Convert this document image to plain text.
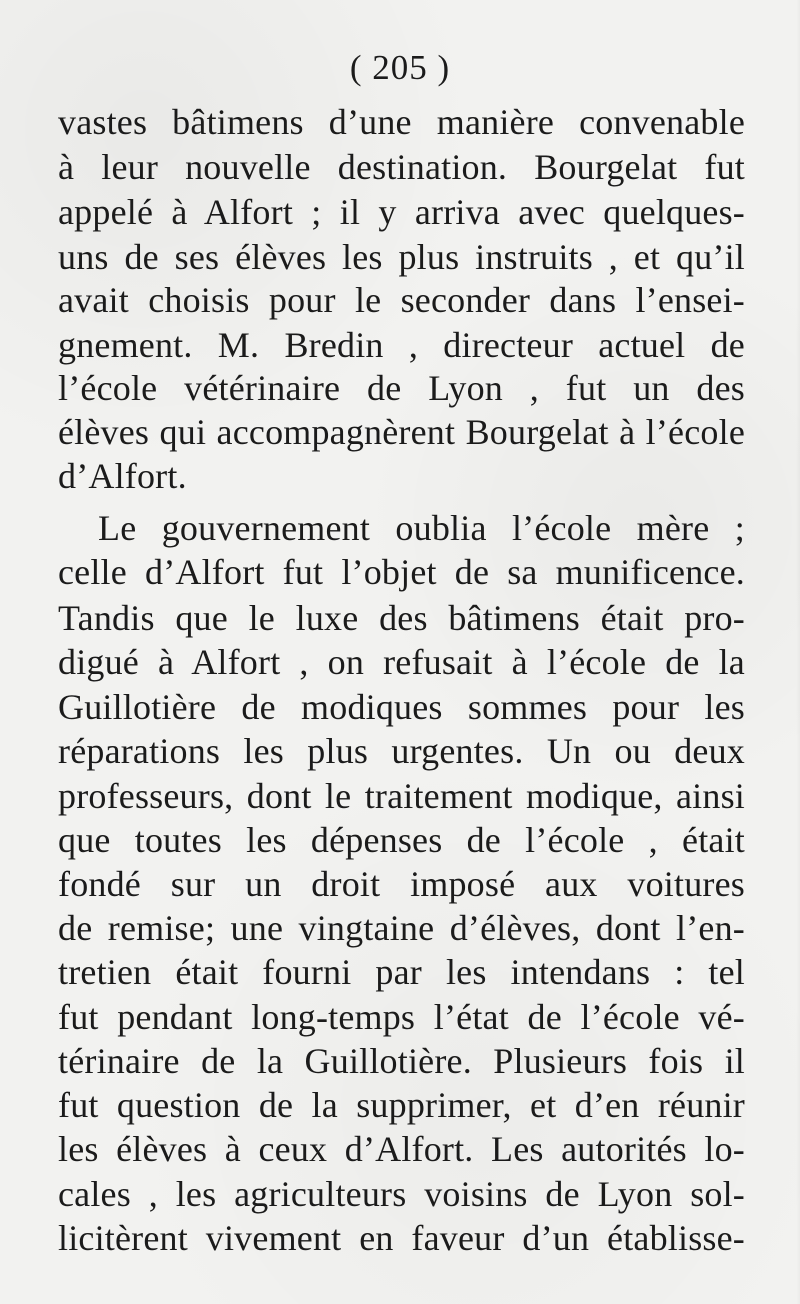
( 205 )
vastes bâtimens d’une manière convenable
à leur nouvelle destination. Bourgelat fut
appelé à Alfort ; il y arriva avec quelques-
uns de ses élèves les plus instruits , et qu’il
avait choisis pour le seconder dans l’ensei-
gnement. M. Bredin , directeur actuel de
l’école vétérinaire de Lyon , fut un des
élèves qui accompagnèrent Bourgelat à l’école
d’Alfort.
Le gouvernement oublia l’école mère ;
celle d’Alfort fut l’objet de sa munificence.
Tandis que le luxe des bâtimens était pro-
digué à Alfort , on refusait à l’école de la
Guillotière de modiques sommes pour les
réparations les plus urgentes. Un ou deux
professeurs, dont le traitement modique, ainsi
que toutes les dépenses de l’école , était
fondé sur un droit imposé aux voitures
de remise; une vingtaine d’élèves, dont l’en-
tretien était fourni par les intendans : tel
fut pendant long-temps l’état de l’école vé-
térinaire de la Guillotière. Plusieurs fois il
fut question de la supprimer, et d’en réunir
les élèves à ceux d’Alfort. Les autorités lo-
cales , les agriculteurs voisins de Lyon sol-
licitèrent vivement en faveur d’un établisse-
